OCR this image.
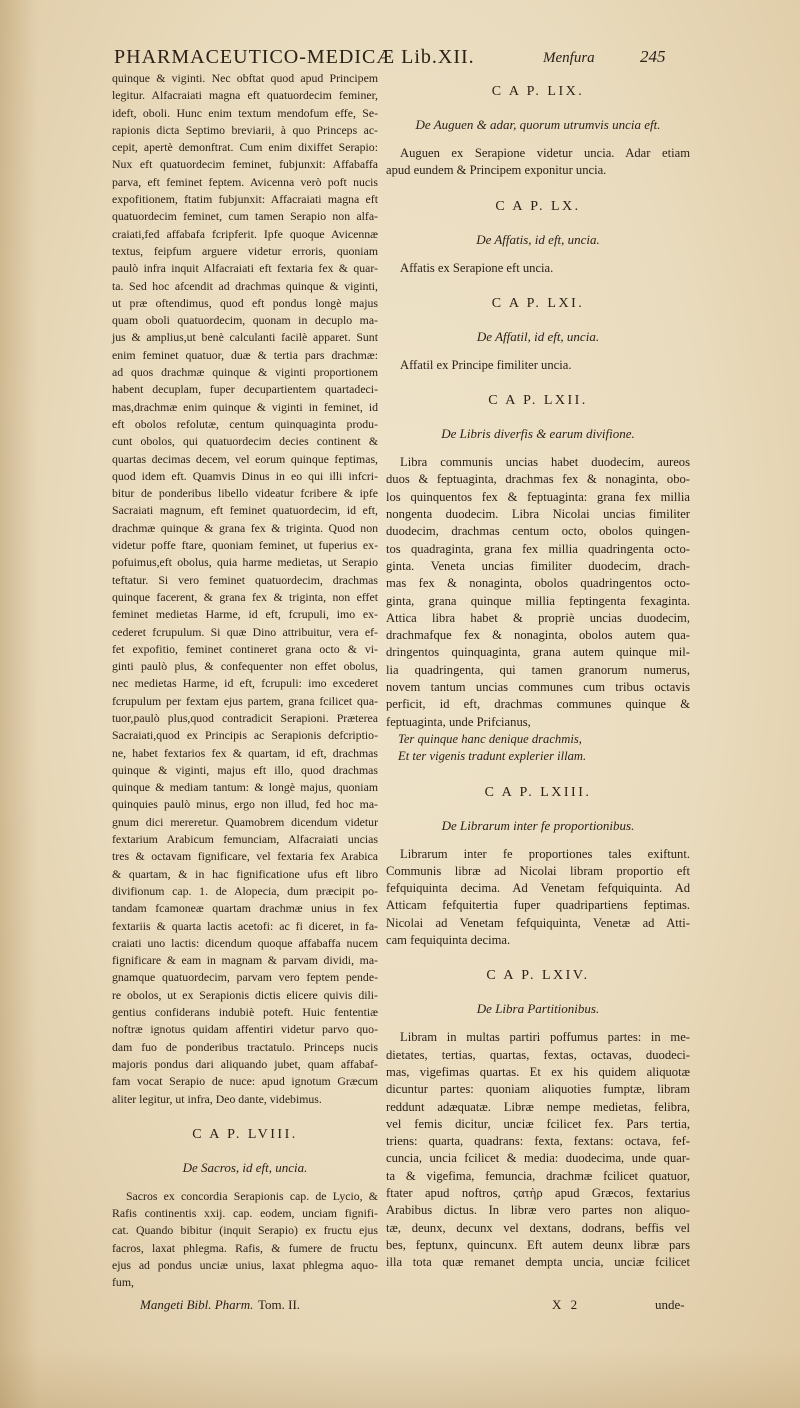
PHARMACEUTICO-MEDICÆ Lib.XII.	Menfura	245
quinque & viginti. Nec obftat quod apud Principem
legitur. Alfacraiati magna eft quatuordecim feminer,
ideft, oboli. Hunc enim textum mendofum effe, Se-
rapionis dicta Septimo breviarii, à quo Princeps ac-
cepit, apertè demonftrat. Cum enim dixiffet Serapio:
Nux eft quatuordecim feminet, fubjunxit: Affabaffa
parva, eft feminet feptem. Avicenna verò poft nucis
expofitionem, ftatim fubjunxit: Affacraiati magna eft
quatuordecim feminet, cum tamen Serapio non alfa-
craiati,fed affabafa fcripferit. Ipfe quoque Avicennæ
textus, feipfum arguere videtur erroris, quoniam
paulò infra inquit Alfacraiati eft fextaria fex & quar-
ta. Sed hoc afcendit ad drachmas quinque & viginti,
ut præ oftendimus, quod eft pondus longè majus
quam oboli quatuordecim, quonam in decuplo ma-
jus & amplius,ut benè calculanti facilè apparet. Sunt
enim feminet quatuor, duæ & tertia pars drachmæ:
ad quos drachmæ quinque & viginti proportionem
habent decuplam, fuper decupartientem quartadeci-
mas,drachmæ enim quinque & viginti in feminet, id
eft obolos refolutæ, centum quinquaginta produ-
cunt obolos, qui quatuordecim decies continent &
quartas decimas decem, vel eorum quinque feptimas,
quod idem eft. Quamvis Dinus in eo qui illi infcri-
bitur de ponderibus libello videatur fcribere & ipfe
Sacraiati magnum, eft feminet quatuordecim, id eft,
drachmæ quinque & grana fex & triginta. Quod non
videtur poffe ftare, quoniam feminet, ut fuperius ex-
pofuimus,eft obolus, quia harme medietas, ut Serapio
teftatur. Si vero feminet quatuordecim, drachmas
quinque facerent, & grana fex & triginta, non effet
feminet medietas Harme, id eft, fcrupuli, imo ex-
cederet fcrupulum. Si quæ Dino attribuitur, vera ef-
fet expofitio, feminet contineret grana octo & vi-
ginti paulò plus, & confequenter non effet obolus,
nec medietas Harme, id eft, fcrupuli: imo excederet
fcrupulum per fextam ejus partem, grana fcilicet qua-
tuor,paulò plus,quod contradicit Serapioni. Præterea
Sacraiati,quod ex Principis ac Serapionis defcriptio-
ne, habet fextarios fex & quartam, id eft, drachmas
quinque & viginti, majus eft illo, quod drachmas
quinque & mediam tantum: & longè majus, quoniam
quinquies paulò minus, ergo non illud, fed hoc ma-
gnum dici mereretur. Quamobrem dicendum videtur
fextarium Arabicum femunciam, Alfacraiati uncias
tres & octavam fignificare, vel fextaria fex Arabica
& quartam, & in hac fignificatione ufus eft libro
divifionum cap. 1. de Alopecia, dum præcipit po-
tandam fcamoneæ quartam drachmæ unius in fex
fextariis & quarta lactis acetofi: ac fi diceret, in fa-
craiati uno lactis: dicendum quoque affabaffa nucem
fignificare & eam in magnam & parvam dividi, ma-
gnamque quatuordecim, parvam vero feptem pende-
re obolos, ut ex Serapionis dictis elicere quivis dili-
gentius confiderans indubiè poteft. Huic fententiæ
noftræ ignotus quidam affentiri videtur parvo quo-
dam fuo de ponderibus tractatulo. Princeps nucis
majoris pondus dari aliquando jubet, quam affabaf-
fam vocat Serapio de nuce: apud ignotum Græcum
aliter legitur, ut infra, Deo dante, videbimus.
C A P. LVIII.
De Sacros, id eft, uncia.
Sacros ex concordia Serapionis cap. de Lycio, &
Rafis continentis xxij. cap. eodem, unciam fignifi-
cat. Quando bibitur (inquit Serapio) ex fructu ejus
facros, laxat phlegma. Rafis, & fumere de fructu
ejus ad pondus unciæ unius, laxat phlegma aquo-
fum,
C A P. LIX.
De Auguen & adar, quorum utrumvis uncia eft.
Auguen ex Serapione videtur uncia. Adar etiam
apud eundem & Principem exponitur uncia.
C A P. LX.
De Affatis, id eft, uncia.
Affatis ex Serapione eft uncia.
C A P. LXI.
De Affatil, id eft, uncia.
Affatil ex Principe fimiliter uncia.
C A P. LXII.
De Libris diverfis & earum divifione.
Libra communis uncias habet duodecim, aureos
duos & feptuaginta, drachmas fex & nonaginta, obo-
los quinquentos fex & feptuaginta: grana fex millia
nongenta duodecim. Libra Nicolai uncias fimiliter
duodecim, drachmas centum octo, obolos quingen-
tos quadraginta, grana fex millia quadringenta octo-
ginta. Veneta uncias fimiliter duodecim, drach-
mas fex & nonaginta, obolos quadringentos octo-
ginta, grana quinque millia feptingenta fexaginta.
Attica libra habet & propriè uncias duodecim,
drachmafque fex & nonaginta, obolos autem qua-
dringentos quinquaginta, grana autem quinque mil-
lia quadringenta, qui tamen granorum numerus,
novem tantum uncias communes cum tribus octavis
perficit, id eft, drachmas communes quinque &
feptuaginta, unde Prifcianus,
Ter quinque hanc denique drachmis,
Et ter vigenis tradunt explerier illam.
C A P. LXIII.
De Librarum inter fe proportionibus.
Librarum inter fe proportiones tales exiftunt.
Communis libræ ad Nicolai libram proportio eft
fefquiquinta decima. Ad Venetam fefquiquinta. Ad
Atticam fefquitertia fuper quadripartiens feptimas.
Nicolai ad Venetam fefquiquinta, Venetæ ad Atti-
cam fequiquinta decima.
C A P. LXIV.
De Libra Partitionibus.
Libram in multas partiri poffumus partes: in me-
dietates, tertias, quartas, fextas, octavas, duodeci-
mas, vigefimas quartas. Et ex his quidem aliquotæ
dicuntur partes: quoniam aliquoties fumptæ, libram
reddunt adæquatæ. Libræ nempe medietas, felibra,
vel femis dicitur, unciæ fcilicet fex. Pars tertia,
triens: quarta, quadrans: fexta, fextans: octava, fef-
cuncia, uncia fcilicet & media: duodecima, unde quar-
ta & vigefima, femuncia, drachmæ fcilicet quatuor,
ftater apud noftros, ςατὴρ apud Græcos, fextarius
Arabibus dictus. In libræ vero partes non aliquo-
tæ, deunx, decunx vel dextans, dodrans, beffis vel
bes, feptunx, quincunx. Eft autem deunx libræ pars
illa tota quæ remanet dempta uncia, unciæ fcilicet
Mangeti Bibl. Pharm. Tom. II.	X 2	unde-
